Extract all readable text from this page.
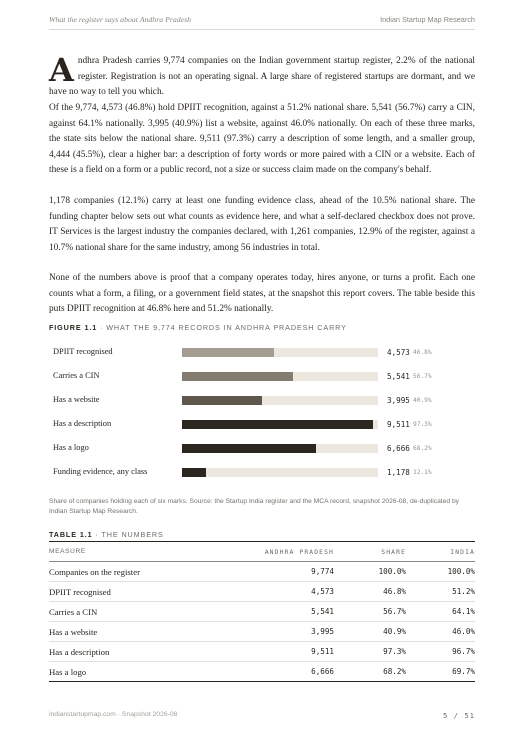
What the register says about Andhra Pradesh	Indian Startup Map Research

Andhra Pradesh carries 9,774 companies on the Indian government startup register, 2.2% of the national register. Registration is not an operating signal. A large share of registered startups are dormant, and we have no way to tell you which.

Of the 9,774, 4,573 (46.8%) hold DPIIT recognition, against a 51.2% national share. 5,541 (56.7%) carry a CIN, against 64.1% nationally. 3,995 (40.9%) list a website, against 46.0% nationally. On each of these three marks, the state sits below the national share. 9,511 (97.3%) carry a description of some length, and a smaller group, 4,444 (45.5%), clear a higher bar: a description of forty words or more paired with a CIN or a website. Each of these is a field on a form or a public record, not a size or success claim made on the company's behalf.

1,178 companies (12.1%) carry at least one funding evidence class, ahead of the 10.5% national share. The funding chapter below sets out what counts as evidence here, and what a self-declared checkbox does not prove. IT Services is the largest industry the companies declared, with 1,261 companies, 12.9% of the register, against a 10.7% national share for the same industry, among 56 industries in total.

None of the numbers above is proof that a company operates today, hires anyone, or turns a profit. Each one counts what a form, a filing, or a government field states, at the snapshot this report covers. The table beside this puts DPIIT recognition at 46.8% here and 51.2% nationally.

FIGURE 1.1 · WHAT THE 9,774 RECORDS IN ANDHRA PRADESH CARRY
DPIIT recognised	4,573 46.8%
Carries a CIN	5,541 56.7%
Has a website	3,995 40.9%
Has a description	9,511 97.3%
Has a logo	6,666 68.2%
Funding evidence, any class	1,178 12.1%
Share of companies holding each of six marks. Source: the Startup India register and the MCA record, snapshot 2026-08, de-duplicated by Indian Startup Map Research.
TABLE 1.1 · THE NUMBERS
MEASURE	ANDHRA PRADESH	SHARE	INDIA
Companies on the register	9,774	100.0%	100.0%
DPIIT recognised	4,573	46.8%	51.2%
Carries a CIN	5,541	56.7%	64.1%
Has a website	3,995	40.9%	46.0%
Has a description	9,511	97.3%	96.7%
Has a logo	6,666	68.2%	69.7%
indianstartupmap.com · Snapshot 2026-08	5 / 51
